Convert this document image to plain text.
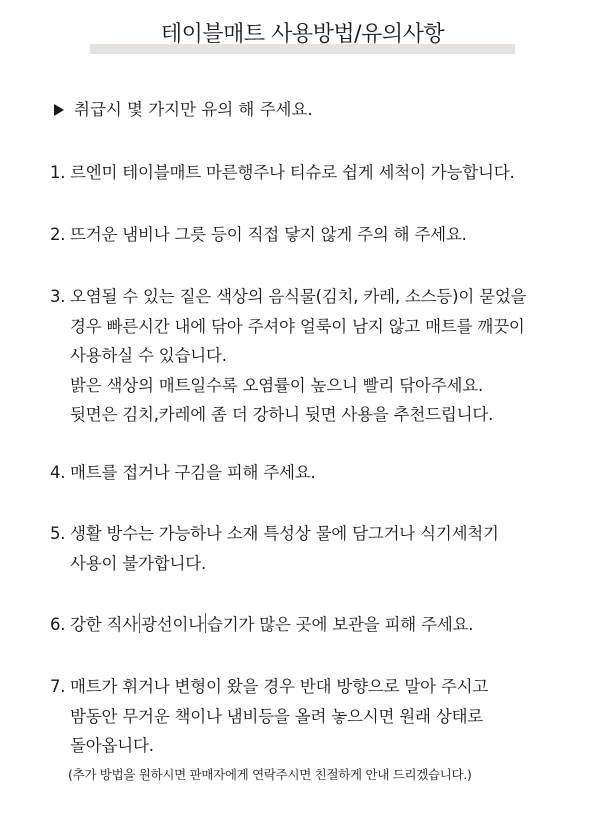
테이블매트 사용방법/유의사항
취급시 몇 가지만 유의 해 주세요.
1. 르엔미 테이블매트 마른행주나 티슈로 쉽게 세척이 가능합니다.
2. 뜨거운 냄비나 그릇 등이 직접 닿지 않게 주의 해 주세요.
3. 오염될 수 있는 짙은 색상의 음식물(김치, 카레, 소스등)이 묻었을
경우 빠른시간 내에 닦아 주셔야 얼룩이 남지 않고 매트를 깨끗이
사용하실 수 있습니다.
밝은 색상의 매트일수록 오염률이 높으니 빨리 닦아주세요.
뒷면은 김치,카레에 좀 더 강하니 뒷면 사용을 추천드립니다.
4. 매트를 접거나 구김을 피해 주세요.
5. 생활 방수는 가능하나 소재 특성상 물에 담그거나 식기세척기
사용이 불가합니다.
6. 강한 직사 광선이나 습기가 많은 곳에 보관을 피해 주세요.
7. 매트가 휘거나 변형이 왔을 경우 반대 방향으로 말아 주시고
밤동안 무거운 책이나 냄비등을 올려 놓으시면 원래 상태로
돌아옵니다.
(추가 방법을 원하시면 판매자에게 연락주시면 친절하게 안내 드리겠습니다.)
